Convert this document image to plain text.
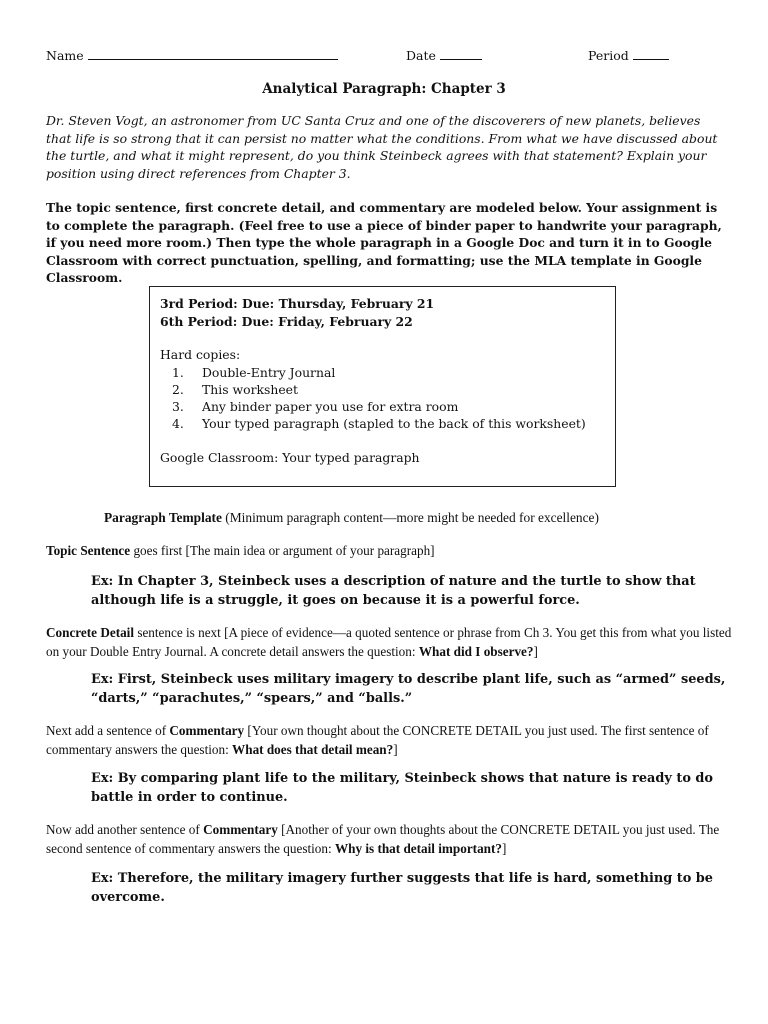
Name	Date	Period
Analytical Paragraph: Chapter 3
Dr. Steven Vogt, an astronomer from UC Santa Cruz and one of the discoverers of new planets, believes that life is so strong that it can persist no matter what the conditions. From what we have discussed about the turtle, and what it might represent, do you think Steinbeck agrees with that statement? Explain your position using direct references from Chapter 3.
The topic sentence, first concrete detail, and commentary are modeled below. Your assignment is to complete the paragraph. (Feel free to use a piece of binder paper to handwrite your paragraph, if you need more room.) Then type the whole paragraph in a Google Doc and turn it in to Google Classroom with correct punctuation, spelling, and formatting; use the MLA template in Google Classroom.
3rd Period: Due: Thursday, February 21
6th Period: Due: Friday, February 22
Hard copies:
1. Double-Entry Journal
2. This worksheet
3. Any binder paper you use for extra room
4. Your typed paragraph (stapled to the back of this worksheet)
Google Classroom: Your typed paragraph
Paragraph Template (Minimum paragraph content—more might be needed for excellence)
Topic Sentence goes first [The main idea or argument of your paragraph]
Ex: In Chapter 3, Steinbeck uses a description of nature and the turtle to show that although life is a struggle, it goes on because it is a powerful force.
Concrete Detail sentence is next [A piece of evidence—a quoted sentence or phrase from Ch 3. You get this from what you listed on your Double Entry Journal. A concrete detail answers the question: What did I observe?]
Ex: First, Steinbeck uses military imagery to describe plant life, such as “armed” seeds, “darts,” “parachutes,” “spears,” and “balls.”
Next add a sentence of Commentary [Your own thought about the CONCRETE DETAIL you just used. The first sentence of commentary answers the question: What does that detail mean?]
Ex: By comparing plant life to the military, Steinbeck shows that nature is ready to do battle in order to continue.
Now add another sentence of Commentary [Another of your own thoughts about the CONCRETE DETAIL you just used. The second sentence of commentary answers the question: Why is that detail important?]
Ex: Therefore, the military imagery further suggests that life is hard, something to be overcome.
